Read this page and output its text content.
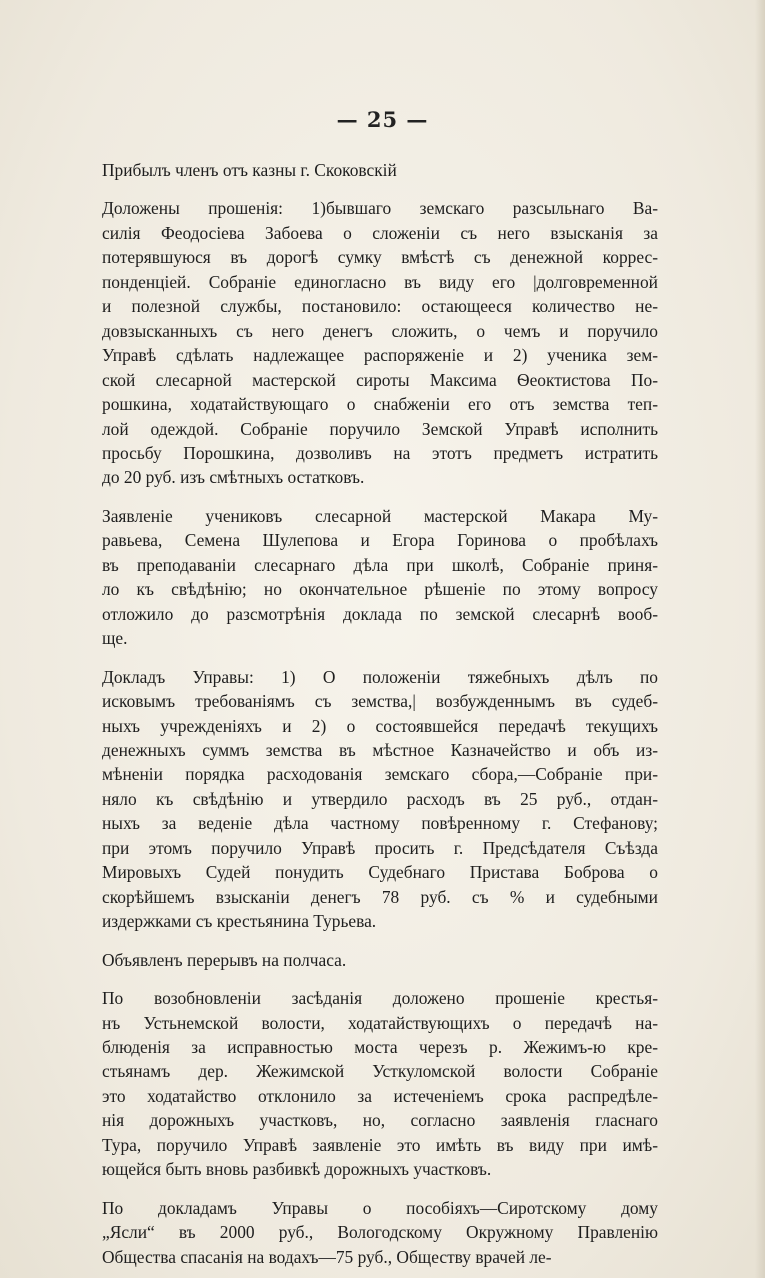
— 25 —
Прибылъ членъ отъ казны г. Скоковскій
Доложены прошенія: 1)бывшаго земскаго разсыльнаго Ва-
силія Феодосіева Забоева о сложеніи съ него взысканія за
потерявшуюся въ дорогѣ сумку вмѣстѣ съ денежной коррес-
понденціей. Собраніе единогласно въ виду его |долговременной
и полезной службы, постановило: остающееся количество не-
довзысканныхъ съ него денегъ сложить, о чемъ и поручило
Управѣ сдѣлать надлежащее распоряженіе и 2) ученика зем-
ской слесарной мастерской сироты Максима Ѳеоктистова По-
рошкина, ходатайствующаго о снабженіи его отъ земства теп-
лой одеждой. Собраніе поручило Земской Управѣ исполнить
просьбу Порошкина, дозволивъ на этотъ предметъ истратить
до 20 руб. изъ смѣтныхъ остатковъ.
Заявленіе учениковъ слесарной мастерской Макара Му-
равьева, Семена Шулепова и Егора Горинова о пробѣлахъ
въ преподаваніи слесарнаго дѣла при школѣ, Собраніе приня-
ло къ свѣдѣнію; но окончательное рѣшеніе по этому вопросу
отложило до разсмотрѣнія доклада по земской слесарнѣ вооб-
ще.
Докладъ Управы: 1) О положеніи тяжебныхъ дѣлъ по
исковымъ требованіямъ съ земства,| возбужденнымъ въ судеб-
ныхъ учрежденіяхъ и 2) о состоявшейся передачѣ текущихъ
денежныхъ суммъ земства въ мѣстное Казначейство и объ из-
мѣненіи порядка расходованія земскаго сбора,—Собраніе при-
няло къ свѣдѣнію и утвердило расходъ въ 25 руб., отдан-
ныхъ за веденіе дѣла частному повѣренному г. Стефанову;
при этомъ поручило Управѣ просить г. Предсѣдателя Съѣзда
Мировыхъ Судей понудить Судебнаго Пристава Боброва о
скорѣйшемъ взысканіи денегъ 78 руб. съ % и судебными
издержками съ крестьянина Турьева.
Объявленъ перерывъ на полчаса.
По возобновленіи засѣданія доложено прошеніе крестья-
нъ Устьнемской волости, ходатайствующихъ о передачѣ на-
блюденія за исправностью моста черезъ р. Жежимъ-ю кре-
стьянамъ дер. Жежимской Усткуломской волости Собраніе
это ходатайство отклонило за истеченіемъ срока распредѣле-
нія дорожныхъ участковъ, но, согласно заявленія гласнаго
Тура, поручило Управѣ заявленіе это имѣть въ виду при имѣ-
ющейся быть вновь разбивкѣ дорожныхъ участковъ.
По докладамъ Управы о пособіяхъ—Сиротскому дому
„Ясли“ въ 2000 руб., Вологодскому Окружному Правленію
Общества спасанія на водахъ—75 руб., Обществу врачей ле-
